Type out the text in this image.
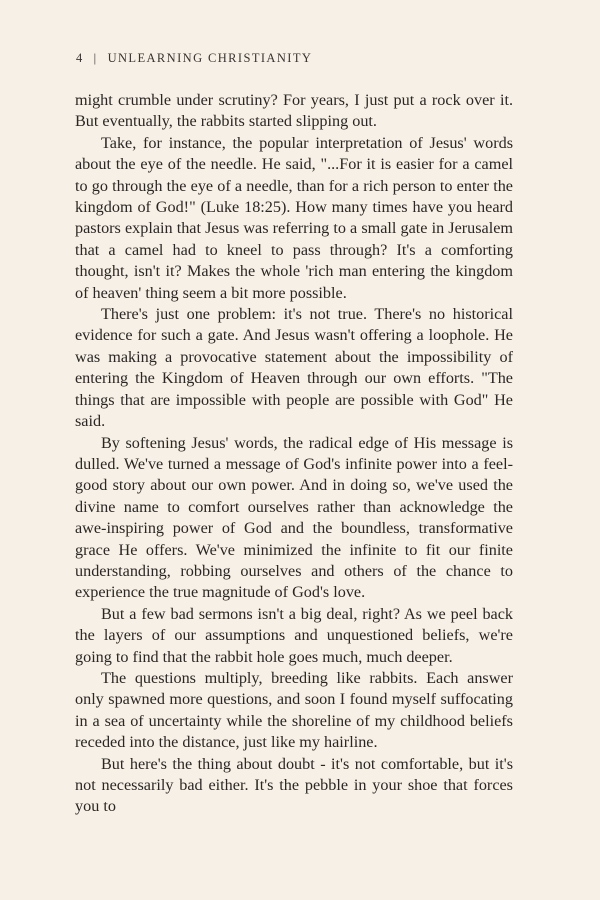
4 | UNLEARNING CHRISTIANITY

might crumble under scrutiny? For years, I just put a rock over it. But eventually, the rabbits started slipping out.

Take, for instance, the popular interpretation of Jesus' words about the eye of the needle. He said, "...For it is easier for a camel to go through the eye of a needle, than for a rich person to enter the kingdom of God!" (Luke 18:25). How many times have you heard pastors explain that Jesus was referring to a small gate in Jerusalem that a camel had to kneel to pass through? It's a comforting thought, isn't it? Makes the whole 'rich man entering the kingdom of heaven' thing seem a bit more possible.

There's just one problem: it's not true. There's no historical evidence for such a gate. And Jesus wasn't offering a loophole. He was making a provocative statement about the impossibility of entering the Kingdom of Heaven through our own efforts. "The things that are impossible with people are possible with God" He said.

By softening Jesus' words, the radical edge of His message is dulled. We've turned a message of God's infinite power into a feel-good story about our own power. And in doing so, we've used the divine name to comfort ourselves rather than acknowledge the awe-inspiring power of God and the boundless, transformative grace He offers. We've minimized the infinite to fit our finite understanding, robbing ourselves and others of the chance to experience the true magnitude of God's love.

But a few bad sermons isn't a big deal, right? As we peel back the layers of our assumptions and unquestioned beliefs, we're going to find that the rabbit hole goes much, much deeper.

The questions multiply, breeding like rabbits. Each answer only spawned more questions, and soon I found myself suffocating in a sea of uncertainty while the shoreline of my childhood beliefs receded into the distance, just like my hairline.

But here's the thing about doubt - it's not comfortable, but it's not necessarily bad either. It's the pebble in your shoe that forces you to
